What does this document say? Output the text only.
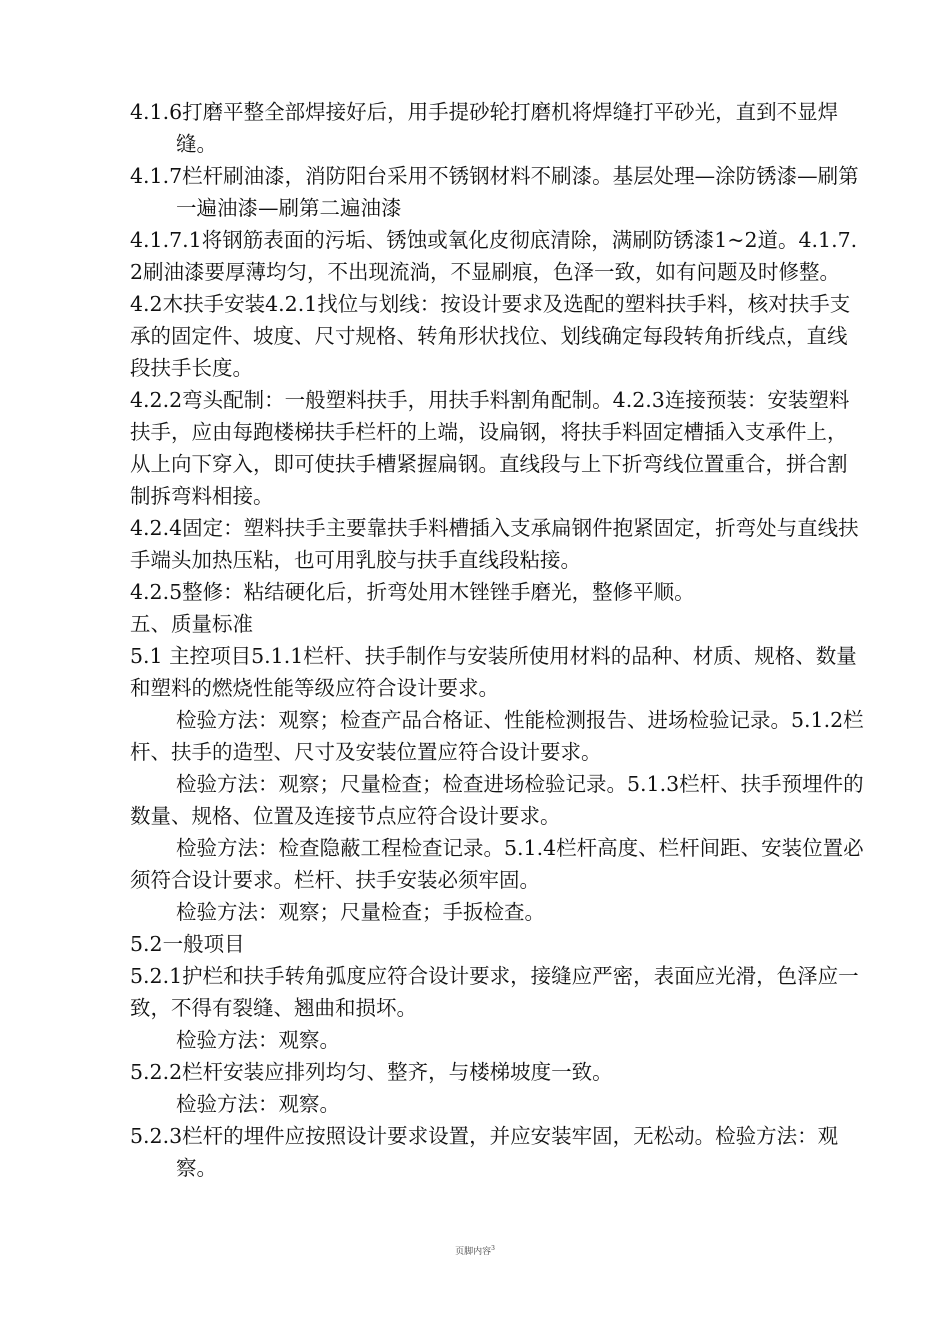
4.1.6打磨平整全部焊接好后，用手提砂轮打磨机将焊缝打平砂光，直到不显焊缝。

4.1.7栏杆刷油漆，消防阳台采用不锈钢材料不刷漆。基层处理—涂防锈漆—刷第一遍油漆—刷第二遍油漆

4.1.7.1将钢筋表面的污垢、锈蚀或氧化皮彻底清除，满刷防锈漆1~2道。4.1.7.2刷油漆要厚薄均匀，不出现流淌，不显刷痕，色泽一致，如有问题及时修整。

4.2木扶手安装4.2.1找位与划线：按设计要求及选配的塑料扶手料，核对扶手支承的固定件、坡度、尺寸规格、转角形状找位、划线确定每段转角折线点，直线段扶手长度。

4.2.2弯头配制：一般塑料扶手，用扶手料割角配制。4.2.3连接预装：安装塑料扶手，应由每跑楼梯扶手栏杆的上端，设扁钢，将扶手料固定槽插入支承件上，从上向下穿入，即可使扶手槽紧握扁钢。直线段与上下折弯线位置重合，拼合割制拆弯料相接。

4.2.4固定：塑料扶手主要靠扶手料槽插入支承扁钢件抱紧固定，折弯处与直线扶手端头加热压粘，也可用乳胶与扶手直线段粘接。

4.2.5整修：粘结硬化后，折弯处用木锉锉手磨光，整修平顺。

五、质量标准

5.1 主控项目5.1.1栏杆、扶手制作与安装所使用材料的品种、材质、规格、数量和塑料的燃烧性能等级应符合设计要求。

检验方法：观察；检查产品合格证、性能检测报告、进场检验记录。5.1.2栏杆、扶手的造型、尺寸及安装位置应符合设计要求。

检验方法：观察；尺量检查；检查进场检验记录。5.1.3栏杆、扶手预埋件的数量、规格、位置及连接节点应符合设计要求。

检验方法：检查隐蔽工程检查记录。5.1.4栏杆高度、栏杆间距、安装位置必须符合设计要求。栏杆、扶手安装必须牢固。

检验方法：观察；尺量检查；手扳检查。

5.2一般项目

5.2.1护栏和扶手转角弧度应符合设计要求，接缝应严密，表面应光滑，色泽应一致，不得有裂缝、翘曲和损坏。

检验方法：观察。

5.2.2栏杆安装应排列均匀、整齐，与楼梯坡度一致。

检验方法：观察。

5.2.3栏杆的埋件应按照设计要求设置，并应安装牢固，无松动。检验方法：观察。

页脚内容$^3$
